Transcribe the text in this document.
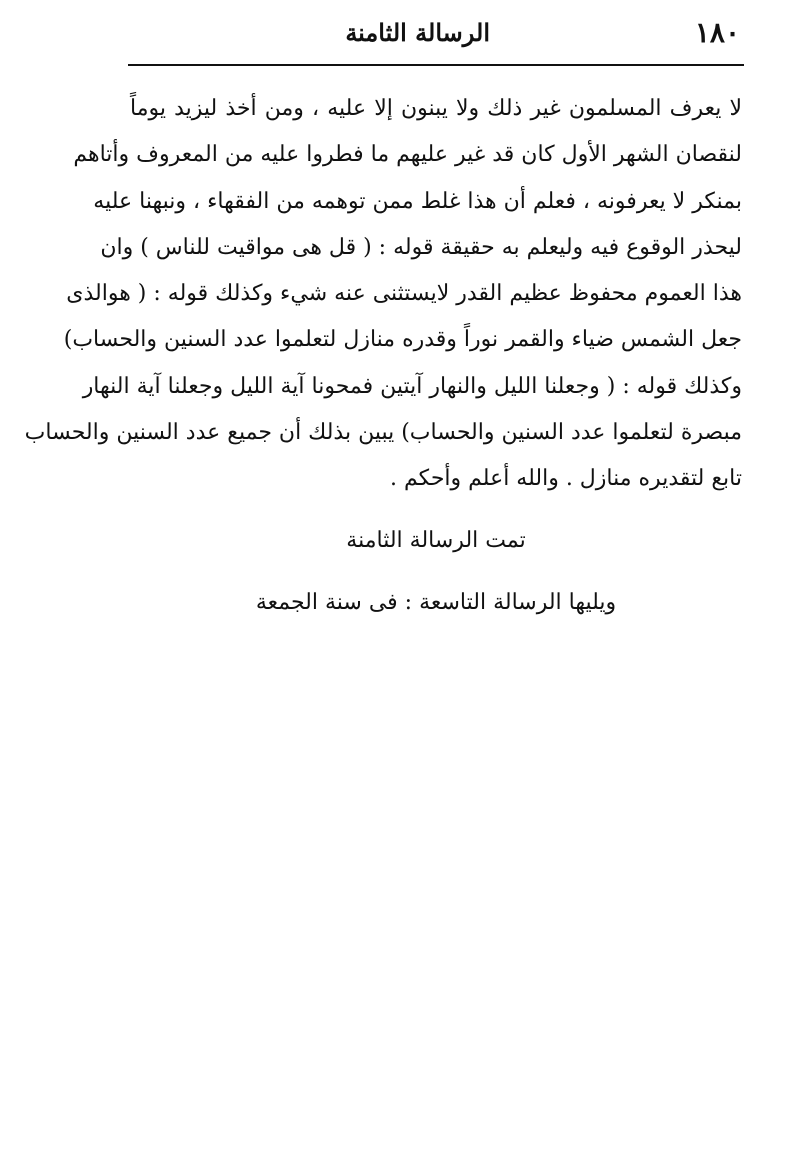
١٨٠
الرسالة الثامنة
لا يعرف المسلمون غير ذلك ولا يبنون إلا عليه ، ومن أخذ ليزيد يوماً
لنقصان الشهر الأول كان قد غير عليهم ما فطروا عليه من المعروف وأتاهم
بمنكر لا يعرفونه ، فعلم أن هذا غلط ممن توهمه من الفقهاء ، ونبهنا عليه
ليحذر الوقوع فيه وليعلم به حقيقة قوله : ( قل هى مواقيت للناس ) وان
هذا العموم محفوظ عظيم القدر لايستثنى عنه شيء وكذلك قوله : ( هوالذى
جعل الشمس ضياء والقمر نوراً وقدره منازل لتعلموا عدد السنين والحساب)
وكذلك قوله : ( وجعلنا الليل والنهار آيتين فمحونا آية الليل وجعلنا آية النهار
مبصرة لتعلموا عدد السنين والحساب) يبين بذلك أن جميع عدد السنين والحساب
تابع لتقديره منازل . والله أعلم وأحكم .
تمت الرسالة الثامنة
ويليها الرسالة التاسعة : فى سنة الجمعة
